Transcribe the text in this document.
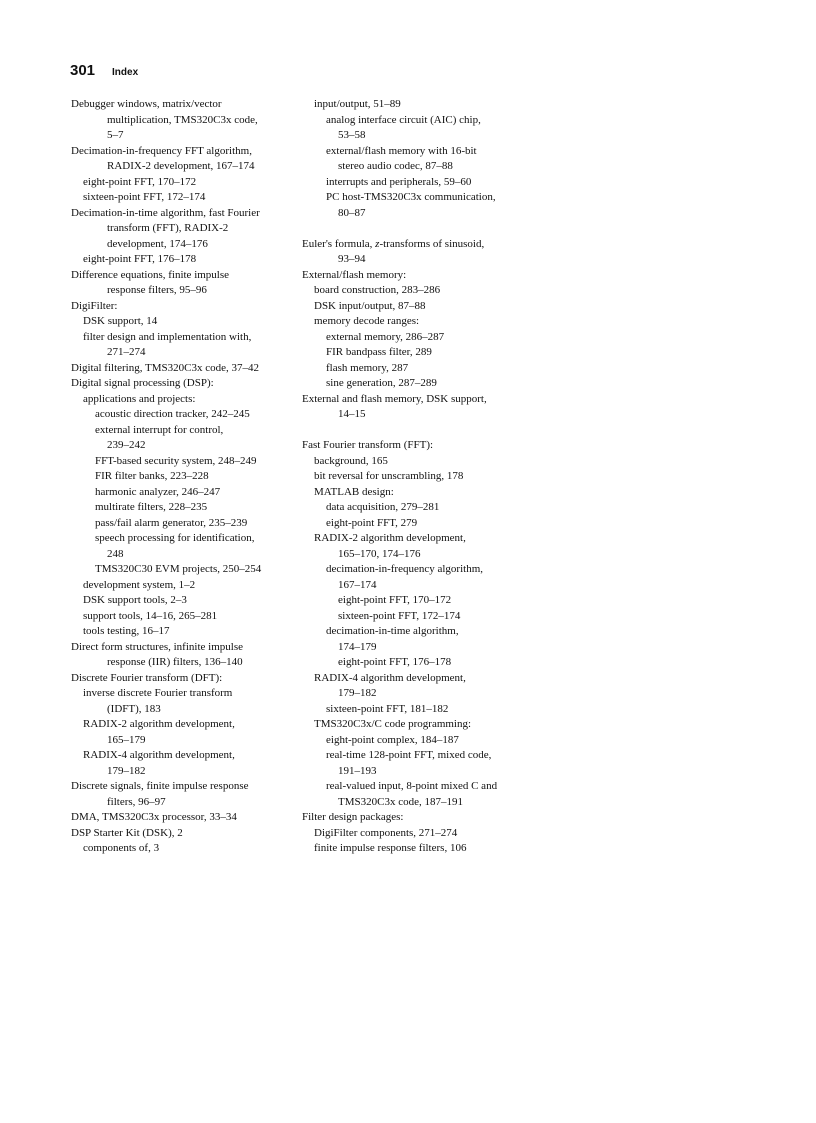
301 Index
Debugger windows, matrix/vector
multiplication, TMS320C3x code,
5–7
Decimation-in-frequency FFT algorithm,
RADIX-2 development, 167–174
eight-point FFT, 170–172
sixteen-point FFT, 172–174
Decimation-in-time algorithm, fast Fourier
transform (FFT), RADIX-2
development, 174–176
eight-point FFT, 176–178
Difference equations, finite impulse
response filters, 95–96
DigiFilter:
DSK support, 14
filter design and implementation with,
271–274
Digital filtering, TMS320C3x code, 37–42
Digital signal processing (DSP):
applications and projects:
acoustic direction tracker, 242–245
external interrupt for control,
239–242
FFT-based security system, 248–249
FIR filter banks, 223–228
harmonic analyzer, 246–247
multirate filters, 228–235
pass/fail alarm generator, 235–239
speech processing for identification,
248
TMS320C30 EVM projects, 250–254
development system, 1–2
DSK support tools, 2–3
support tools, 14–16, 265–281
tools testing, 16–17
Direct form structures, infinite impulse
response (IIR) filters, 136–140
Discrete Fourier transform (DFT):
inverse discrete Fourier transform
(IDFT), 183
RADIX-2 algorithm development,
165–179
RADIX-4 algorithm development,
179–182
Discrete signals, finite impulse response
filters, 96–97
DMA, TMS320C3x processor, 33–34
DSP Starter Kit (DSK), 2
components of, 3
input/output, 51–89
analog interface circuit (AIC) chip,
53–58
external/flash memory with 16-bit
stereo audio codec, 87–88
interrupts and peripherals, 59–60
PC host-TMS320C3x communication,
80–87
Euler's formula, z-transforms of sinusoid,
93–94
External/flash memory:
board construction, 283–286
DSK input/output, 87–88
memory decode ranges:
external memory, 286–287
FIR bandpass filter, 289
flash memory, 287
sine generation, 287–289
External and flash memory, DSK support,
14–15
Fast Fourier transform (FFT):
background, 165
bit reversal for unscrambling, 178
MATLAB design:
data acquisition, 279–281
eight-point FFT, 279
RADIX-2 algorithm development,
165–170, 174–176
decimation-in-frequency algorithm,
167–174
eight-point FFT, 170–172
sixteen-point FFT, 172–174
decimation-in-time algorithm,
174–179
eight-point FFT, 176–178
RADIX-4 algorithm development,
179–182
sixteen-point FFT, 181–182
TMS320C3x/C code programming:
eight-point complex, 184–187
real-time 128-point FFT, mixed code,
191–193
real-valued input, 8-point mixed C and
TMS320C3x code, 187–191
Filter design packages:
DigiFilter components, 271–274
finite impulse response filters, 106
